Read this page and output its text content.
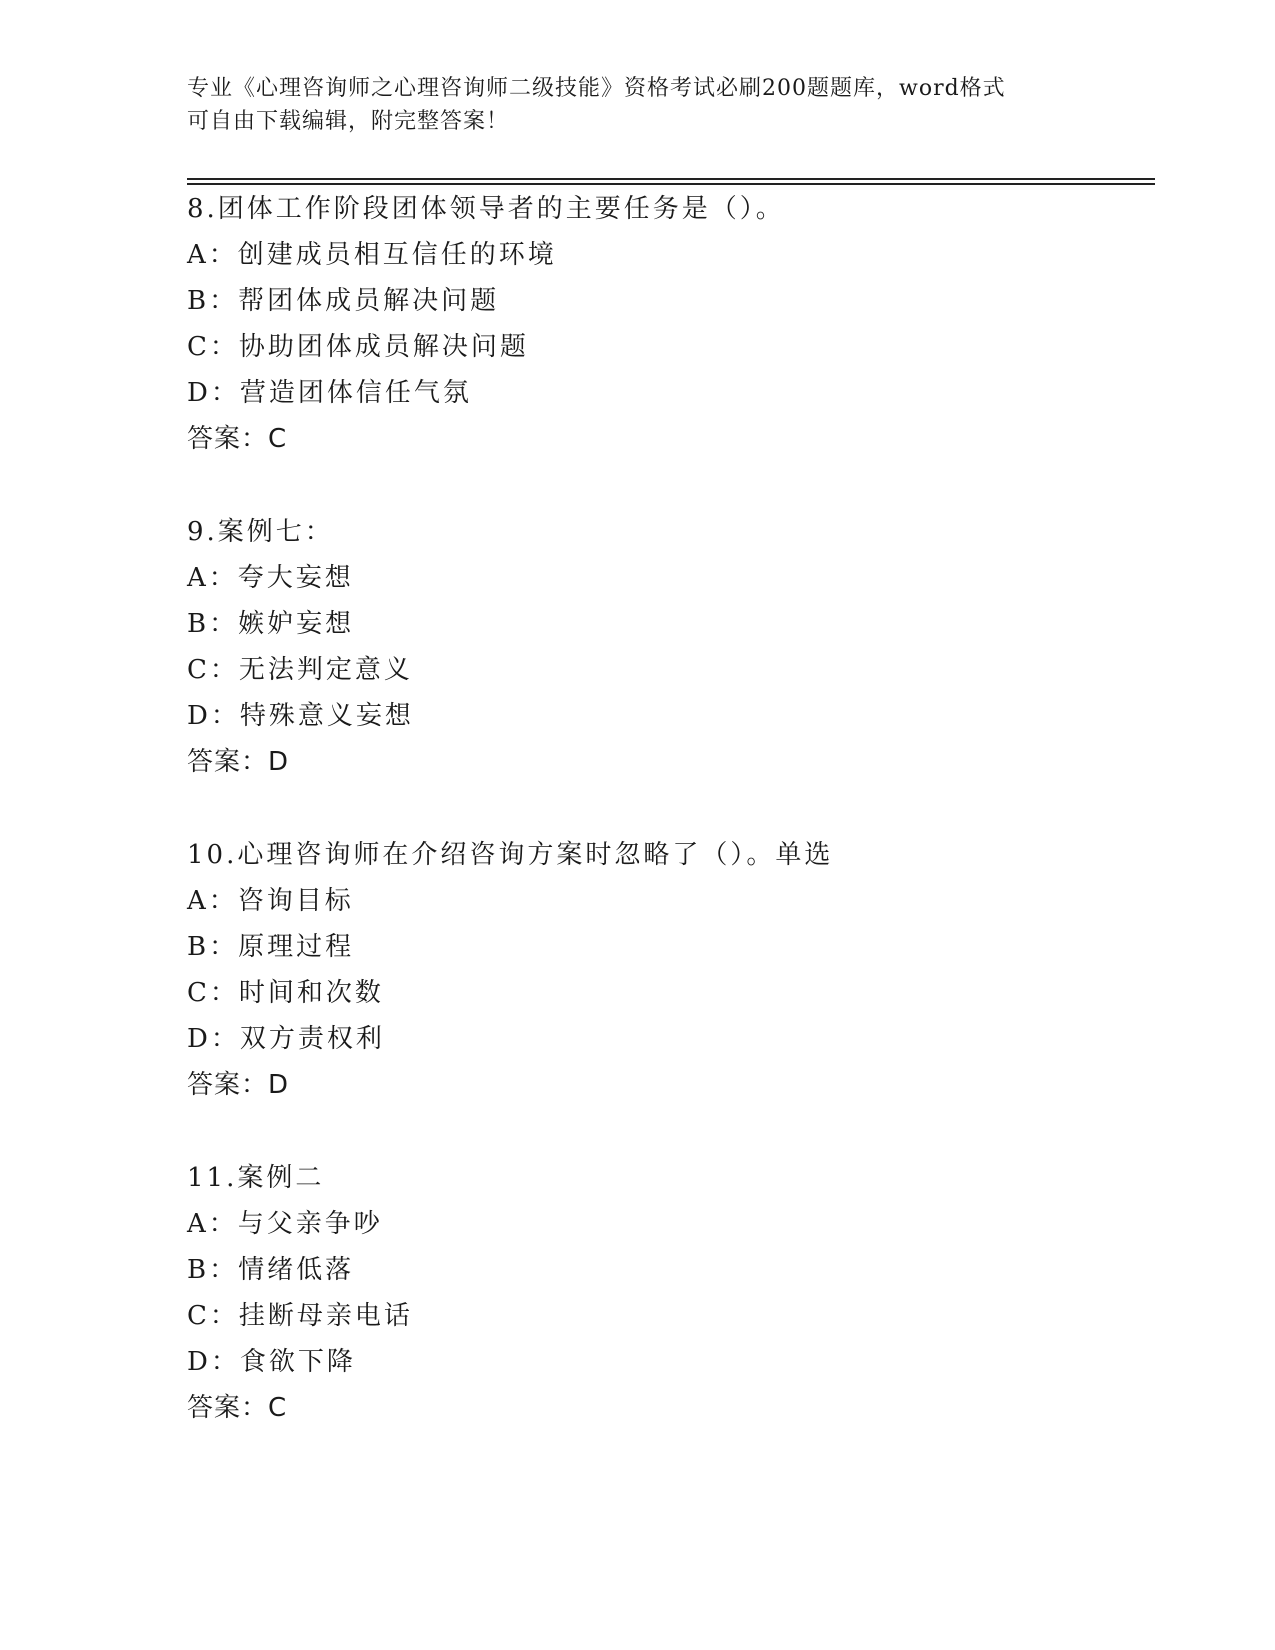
专业《心理咨询师之心理咨询师二级技能》资格考试必刷200题题库，word格式
可自由下载编辑，附完整答案！
8.团体工作阶段团体领导者的主要任务是（）。
A：创建成员相互信任的环境
B：帮团体成员解决问题
C：协助团体成员解决问题
D：营造团体信任气氛
答案：C
9.案例七：
A：夸大妄想
B：嫉妒妄想
C：无法判定意义
D：特殊意义妄想
答案：D
10.心理咨询师在介绍咨询方案时忽略了（）。单选
A：咨询目标
B：原理过程
C：时间和次数
D：双方责权利
答案：D
11.案例二
A：与父亲争吵
B：情绪低落
C：挂断母亲电话
D：食欲下降
答案：C
